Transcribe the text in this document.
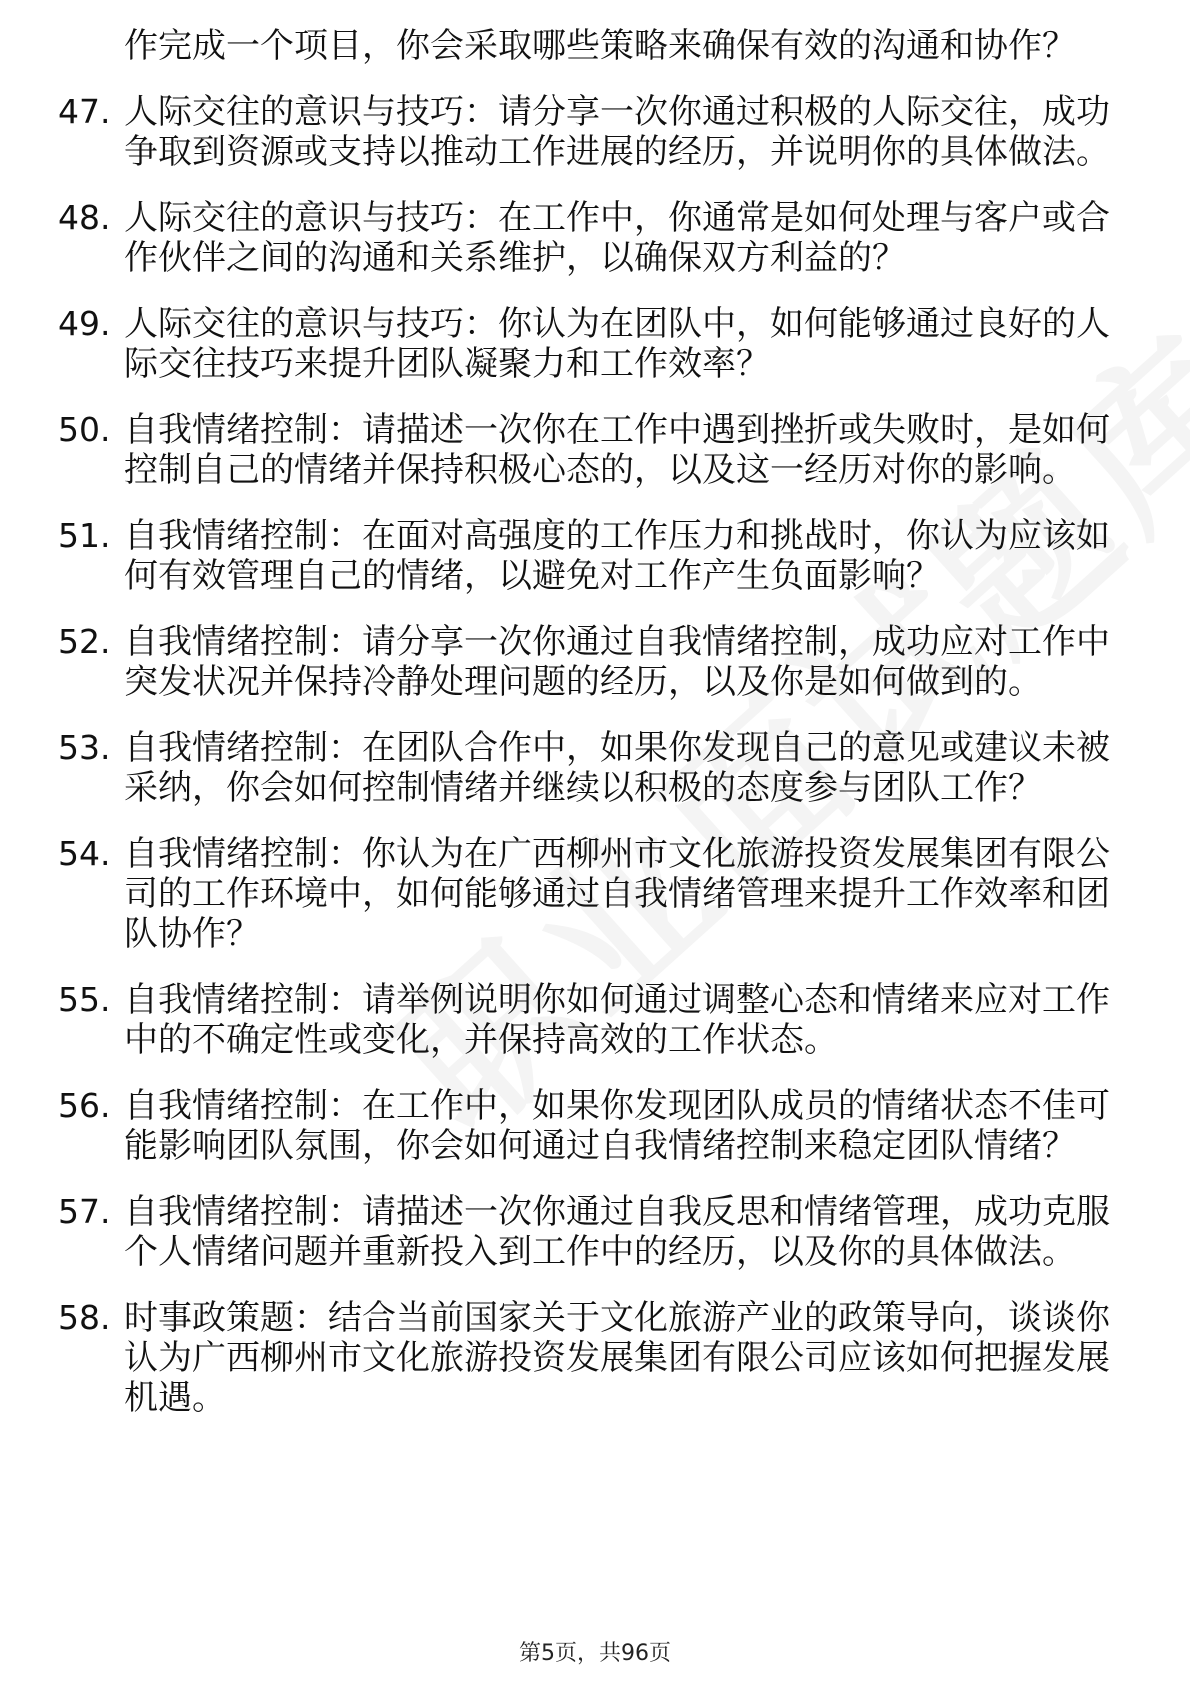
作完成一个项目，你会采取哪些策略来确保有效的沟通和协作？
47. 人际交往的意识与技巧：请分享一次你通过积极的人际交往，成功争取到资源或支持以推动工作进展的经历，并说明你的具体做法。
48. 人际交往的意识与技巧：在工作中，你通常是如何处理与客户或合作伙伴之间的沟通和关系维护，以确保双方利益的？
49. 人际交往的意识与技巧：你认为在团队中，如何能够通过良好的人际交往技巧来提升团队凝聚力和工作效率？
50. 自我情绪控制：请描述一次你在工作中遇到挫折或失败时，是如何控制自己的情绪并保持积极心态的，以及这一经历对你的影响。
51. 自我情绪控制：在面对高强度的工作压力和挑战时，你认为应该如何有效管理自己的情绪，以避免对工作产生负面影响？
52. 自我情绪控制：请分享一次你通过自我情绪控制，成功应对工作中突发状况并保持冷静处理问题的经历，以及你是如何做到的。
53. 自我情绪控制：在团队合作中，如果你发现自己的意见或建议未被采纳，你会如何控制情绪并继续以积极的态度参与团队工作？
54. 自我情绪控制：你认为在广西柳州市文化旅游投资发展集团有限公司的工作环境中，如何能够通过自我情绪管理来提升工作效率和团队协作？
55. 自我情绪控制：请举例说明你如何通过调整心态和情绪来应对工作中的不确定性或变化，并保持高效的工作状态。
56. 自我情绪控制：在工作中，如果你发现团队成员的情绪状态不佳可能影响团队氛围，你会如何通过自我情绪控制来稳定团队情绪？
57. 自我情绪控制：请描述一次你通过自我反思和情绪管理，成功克服个人情绪问题并重新投入到工作中的经历，以及你的具体做法。
58. 时事政策题：结合当前国家关于文化旅游产业的政策导向，谈谈你认为广西柳州市文化旅游投资发展集团有限公司应该如何把握发展机遇。
第5页，共96页
